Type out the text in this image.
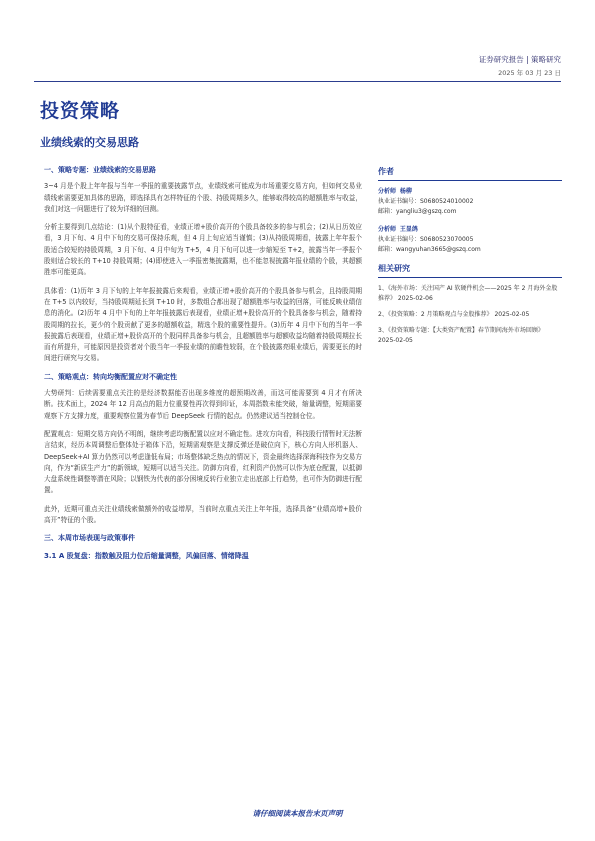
证券研究报告 | 策略研究
2025 年 03 月 23 日
投资策略
业绩线索的交易思路
一、策略专题：业绩线索的交易思路
3~4 月是个股上年年报与当年一季报的重要披露节点，业绩线索可能成为市场重要交易方向，但如何交易业绩线索需要更加具体的思路，即选择具有怎样特征的个股、持股周期多久，能够取得较高的超额胜率与收益，我们对这一问题进行了较为详细的回测。
分析主要得到几点结论：(1)从个股特征看，业绩正增+股价高开的个股具备较多的参与机会；(2)从日历效应看，3 月下旬、4 月中下旬的交易可保持乐观，但 4 月上旬应适当谨慎；(3)从持股周期看，披露上年年报个股适合较短的持股周期，3 月下旬、4 月中旬为 T+5，4 月下旬可以进一步缩短至 T+2，披露当年一季报个股则适合较长的 T+10 持股周期；(4)即使进入一季报密集披露期，也不能忽视披露年报业绩的个股，其超额胜率可能更高。
具体看：(1)历年 3 月下旬的上年年报披露后来观看，业绩正增+股价高开的个股具备参与机会，且持股周期在 T+5 以内较好，当持股周期延长到 T+10 时，多数组合都出现了超额胜率与收益的回落，可能反映业绩信息的消化。(2)历年 4 月中下旬的上年年报披露后表现看，业绩正增+股价高开的个股具备参与机会，随着持股周期的拉长，更少的个股贡献了更多的超额收益，精选个股的重要性提升。(3)历年 4 月中下旬的当年一季报披露后表现看，业绩正增+股价高开的个股同样具备参与机会，且超额胜率与超额收益均随着持股周期拉长而有所提升，可能原因是投资者对个股当年一季报业绩的前瞻性较弱，在个股披露亮眼业绩后，需要更长的时间进行研究与交易。
二、策略观点：转向均衡配置应对不确定性
大势研判：后续需要重点关注的是经济数据能否出现多维度的超预期改善，而这可能需要到 4 月才有所决断。技术面上，2024 年 12 月高点的阻力位重要性再次得到印证，本周指数未能突破，缩量调整，短期需要观察下方支撑力度，重要观察位置为春节后 DeepSeek 行情的起点。仍然建议适当控制仓位。
配置观点：短期交易方向仍不明朗，继续考虑均衡配置以应对不确定性。进攻方向看，科技股行情暂时无法断言结束，经历本周调整后整体处于箱体下沿，短期需观察是支撑反弹还是破位向下，核心方向人形机器人、DeepSeek+AI 算力仍然可以考虑逢低布局；市场整体缺乏热点的情况下，资金最终选择深海科技作为交易方向，作为“新质生产力”的新领域，短期可以适当关注。防御方向看，红利资产仍然可以作为底仓配置，以抵御大盘系统性调整等潜在风险；以钢铁为代表的部分困境反转行业独立走出底部上行趋势，也可作为防御进行配置。
此外，近期可重点关注业绩线索做额外的收益增厚，当前时点重点关注上年年报，选择具备“业绩高增+股价高开”特征的个股。
三、本周市场表现与政策事件
3.1 A 股复盘：指数触及阻力位后缩量调整，风偏回落、情绪降温
作者
分析师 杨柳
执业证书编号：S0680524010002
邮箱：yangliu3@gszq.com
分析师 王显鸽
执业证书编号：S0680523070005
邮箱：wangyuhan3665@gszq.com
相关研究
1、《海外市场：关注国产 AI 软硬件机会——2025 年 2 月海外金股推荐》 2025-02-06
2、《投资策略：2 月策略观点与金股推荐》 2025-02-05
3、《投资策略专题：【大类资产配置】春节期间海外市场回顾》 2025-02-05
请仔细阅读本报告末页声明
